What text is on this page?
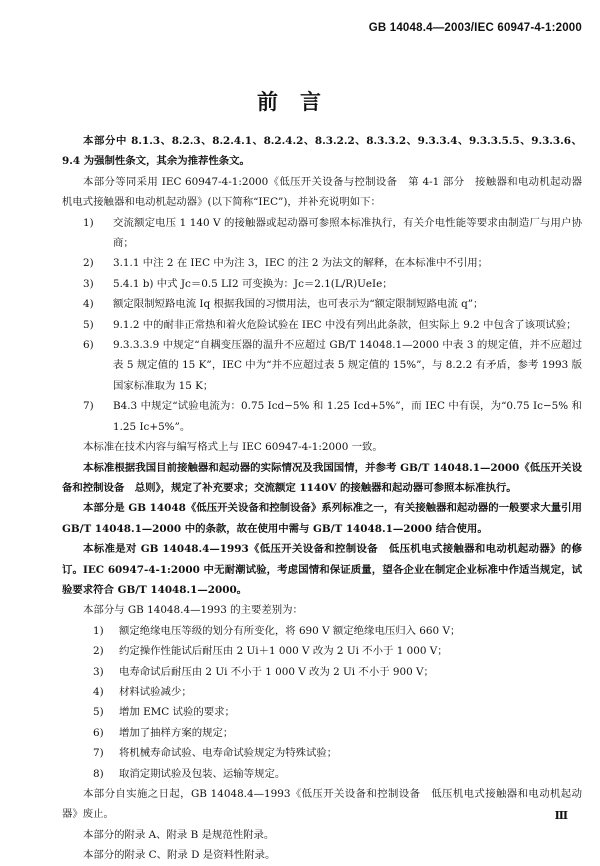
GB 14048.4—2003/IEC 60947-4-1:2000
前言

本部分中 8.1.3、8.2.3、8.2.4.1、8.2.4.2、8.3.2.2、8.3.3.2、9.3.3.4、9.3.3.5.5、9.3.3.6、9.4 为强制性条文，其余为推荐性条文。

本部分等同采用 IEC 60947-4-1:2000《低压开关设备与控制设备　第 4-1 部分　接触器和电动机起动器　机电式接触器和电动机起动器》(以下简称“IEC”)，并补充说明如下：

1)	交流额定电压 1 140 V 的接触器或起动器可参照本标准执行，有关介电性能等要求由制造厂与用户协商；
2)	3.1.1 中注 2 在 IEC 中为注 3，IEC 的注 2 为法文的解释，在本标准中不引用；
3)	5.4.1 b) 中式 Jc＝0.5 LI2 可变换为：Jc＝2.1(L/R)UeIe；
4)	额定限制短路电流 Iq 根据我国的习惯用法，也可表示为“额定限制短路电流 q”；
5)	9.1.2 中的耐非正常热和着火危险试验在 IEC 中没有列出此条款，但实际上 9.2 中包含了该项试验；
6)	9.3.3.3.9 中规定“自耦变压器的温升不应超过 GB/T 14048.1—2000 中表 3 的规定值，并不应超过表 5 规定值的 15 K”，IEC 中为“并不应超过表 5 规定值的 15%”，与 8.2.2 有矛盾，参考 1993 版国家标准取为 15 K；
7)	B4.3 中规定“试验电流为：0.75 Icd−5% 和 1.25 Icd+5%”，而 IEC 中有误，为“0.75 Ic−5% 和 1.25 Ic+5%”。

本标准在技术内容与编写格式上与 IEC 60947-4-1:2000 一致。

本标准根据我国目前接触器和起动器的实际情况及我国国情，并参考 GB/T 14048.1—2000《低压开关设备和控制设备　总则》，规定了补充要求；交流额定 1140V 的接触器和起动器可参照本标准执行。

本部分是 GB 14048《低压开关设备和控制设备》系列标准之一，有关接触器和起动器的一般要求大量引用 GB/T 14048.1—2000 中的条款，故在使用中需与 GB/T 14048.1—2000 结合使用。

本标准是对 GB 14048.4—1993《低压开关设备和控制设备　低压机电式接触器和电动机起动器》的修订。IEC 60947-4-1:2000 中无耐潮试验，考虑国情和保证质量，望各企业在制定企业标准中作适当规定，试验要求符合 GB/T 14048.1—2000。

本部分与 GB 14048.4—1993 的主要差别为：

1)	额定绝缘电压等级的划分有所变化，将 690 V 额定绝缘电压归入 660 V；
2)	约定操作性能试后耐压由 2 Ui＋1 000 V 改为 2 Ui 不小于 1 000 V；
3)	电寿命试后耐压由 2 Ui 不小于 1 000 V 改为 2 Ui 不小于 900 V；
4)	材料试验减少；
5)	增加 EMC 试验的要求；
6)	增加了抽样方案的规定；
7)	将机械寿命试验、电寿命试验规定为特殊试验；
8)	取消定期试验及包装、运输等规定。

本部分自实施之日起，GB 14048.4—1993《低压开关设备和控制设备　低压机电式接触器和电动机起动器》废止。

本部分的附录 A、附录 B 是规范性附录。

本部分的附录 C、附录 D 是资料性附录。

Ⅲ
